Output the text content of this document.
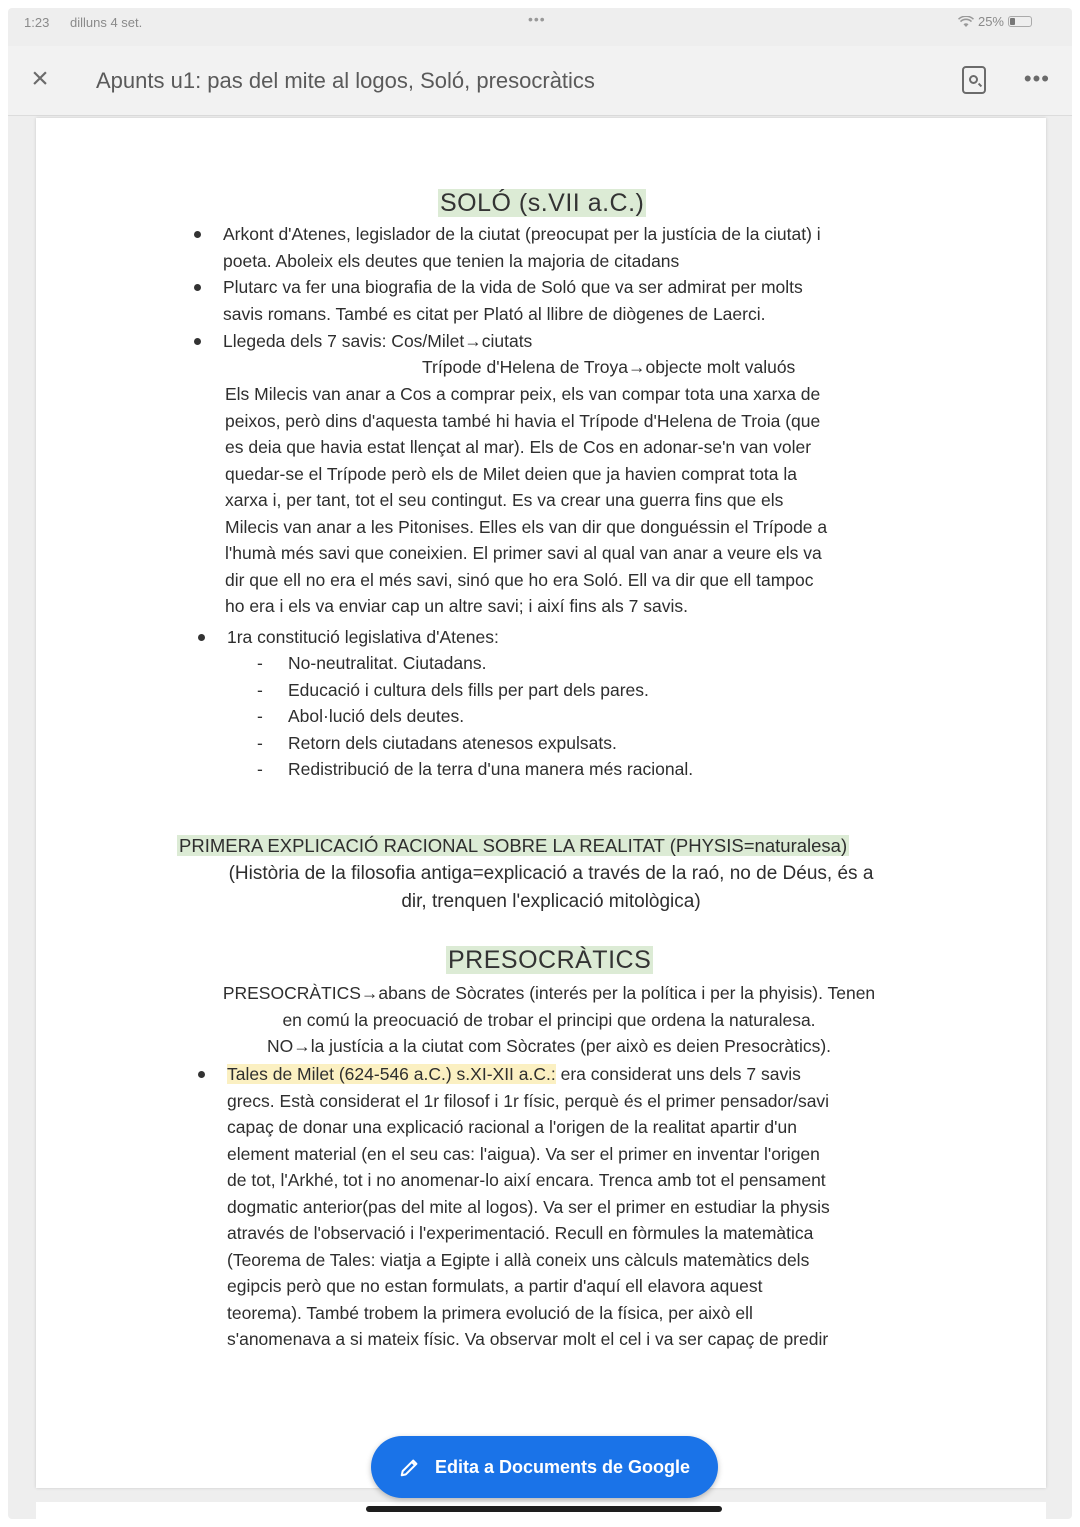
1:23 dilluns 4 set.	•••	25%
×	Apunts u1: pas del mite al logos, Soló, presocràtics	•••
SOLÓ (s.VII a.C.)
Arkont d'Atenes, legislador de la ciutat (preocupat per la justícia de la ciutat) i
poeta. Aboleix els deutes que tenien la majoria de citadans
Plutarc va fer una biografia de la vida de Soló que va ser admirat per molts
savis romans. També es citat per Plató al llibre de diògenes de Laerci.
Llegeda dels 7 savis: Cos/Milet→ciutats
Trípode d'Helena de Troya→objecte molt valuós
Els Milecis van anar a Cos a comprar peix, els van compar tota una xarxa de
peixos, però dins d'aquesta també hi havia el Trípode d'Helena de Troia (que
es deia que havia estat llençat al mar). Els de Cos en adonar-se'n van voler
quedar-se el Trípode però els de Milet deien que ja havien comprat tota la
xarxa i, per tant, tot el seu contingut. Es va crear una guerra fins que els
Milecis van anar a les Pitonises. Elles els van dir que donguéssin el Trípode a
l'humà més savi que coneixien. El primer savi al qual van anar a veure els va
dir que ell no era el més savi, sinó que ho era Soló. Ell va dir que ell tampoc
ho era i els va enviar cap un altre savi; i així fins als 7 savis.
1ra constitució legislativa d'Atenes:
- No-neutralitat. Ciutadans.
- Educació i cultura dels fills per part dels pares.
- Abol·lució dels deutes.
- Retorn dels ciutadans atenesos expulsats.
- Redistribució de la terra d'una manera més racional.
PRIMERA EXPLICACIÓ RACIONAL SOBRE LA REALITAT (PHYSIS=naturalesa)
(Història de la filosofia antiga=explicació a través de la raó, no de Déus, és a
dir, trenquen l'explicació mitològica)
PRESOCRÀTICS
PRESOCRÀTICS→abans de Sòcrates (interés per la política i per la phyisis). Tenen
en comú la preocuació de trobar el principi que ordena la naturalesa.
NO→la justícia a la ciutat com Sòcrates (per això es deien Presocràtics).
Tales de Milet (624-546 a.C.) s.XI-XII a.C.: era considerat uns dels 7 savis
grecs. Està considerat el 1r filosof i 1r físic, perquè és el primer pensador/savi
capaç de donar una explicació racional a l'origen de la realitat apartir d'un
element material (en el seu cas: l'aigua). Va ser el primer en inventar l'origen
de tot, l'Arkhé, tot i no anomenar-lo així encara. Trenca amb tot el pensament
dogmatic anterior(pas del mite al logos). Va ser el primer en estudiar la physis
através de l'observació i l'experimentació. Recull en fòrmules la matemàtica
(Teorema de Tales: viatja a Egipte i allà coneix uns càlculs matemàtics dels
egipcis però que no estan formulats, a partir d'aquí ell elavora aquest
teorema). També trobem la primera evolució de la física, per això ell
s'anomenava a si mateix físic. Va observar molt el cel i va ser capaç de predir
Edita a Documents de Google
